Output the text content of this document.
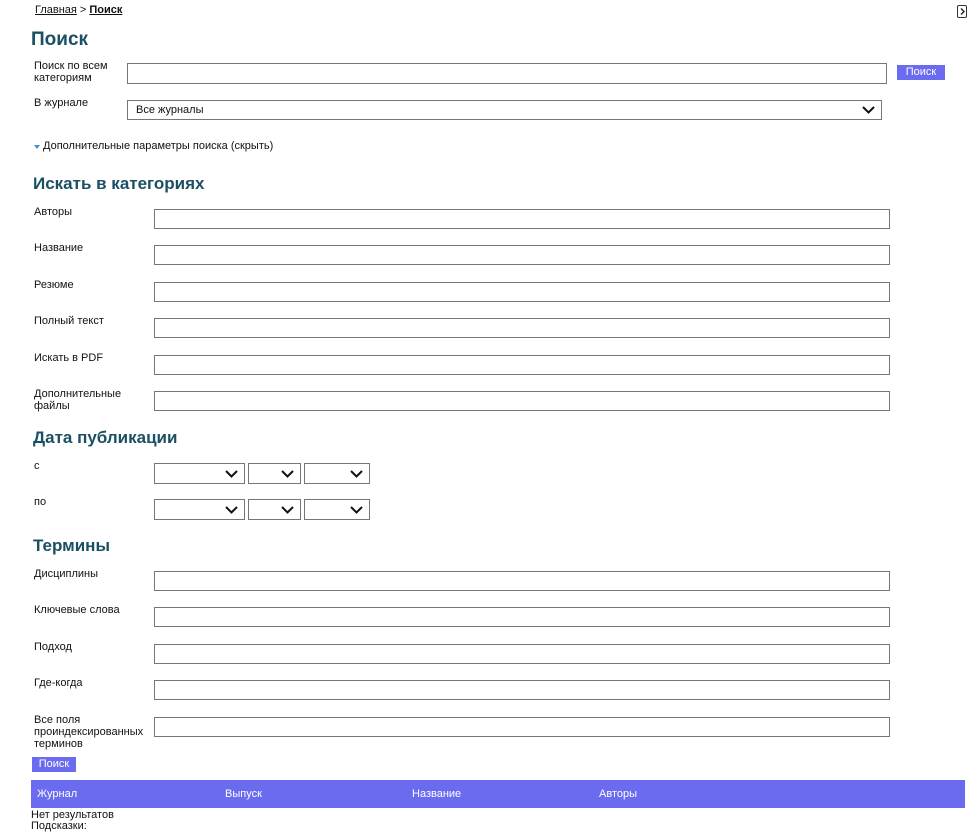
Главная > Поиск
Поиск
Поиск по всем категориям	Поиск
В журнале
Все журналы
Дополнительные параметры поиска (скрыть)
Искать в категориях
Авторы
Название
Резюме
Полный текст
Искать в PDF
Дополнительные файлы
Дата публикации
с
по
Термины
Дисциплины
Ключевые слова
Подход
Где-когда
Все поля проиндексированных терминов
Поиск
Журнал	Выпуск	Название	Авторы
Нет результатов
Подсказки:
